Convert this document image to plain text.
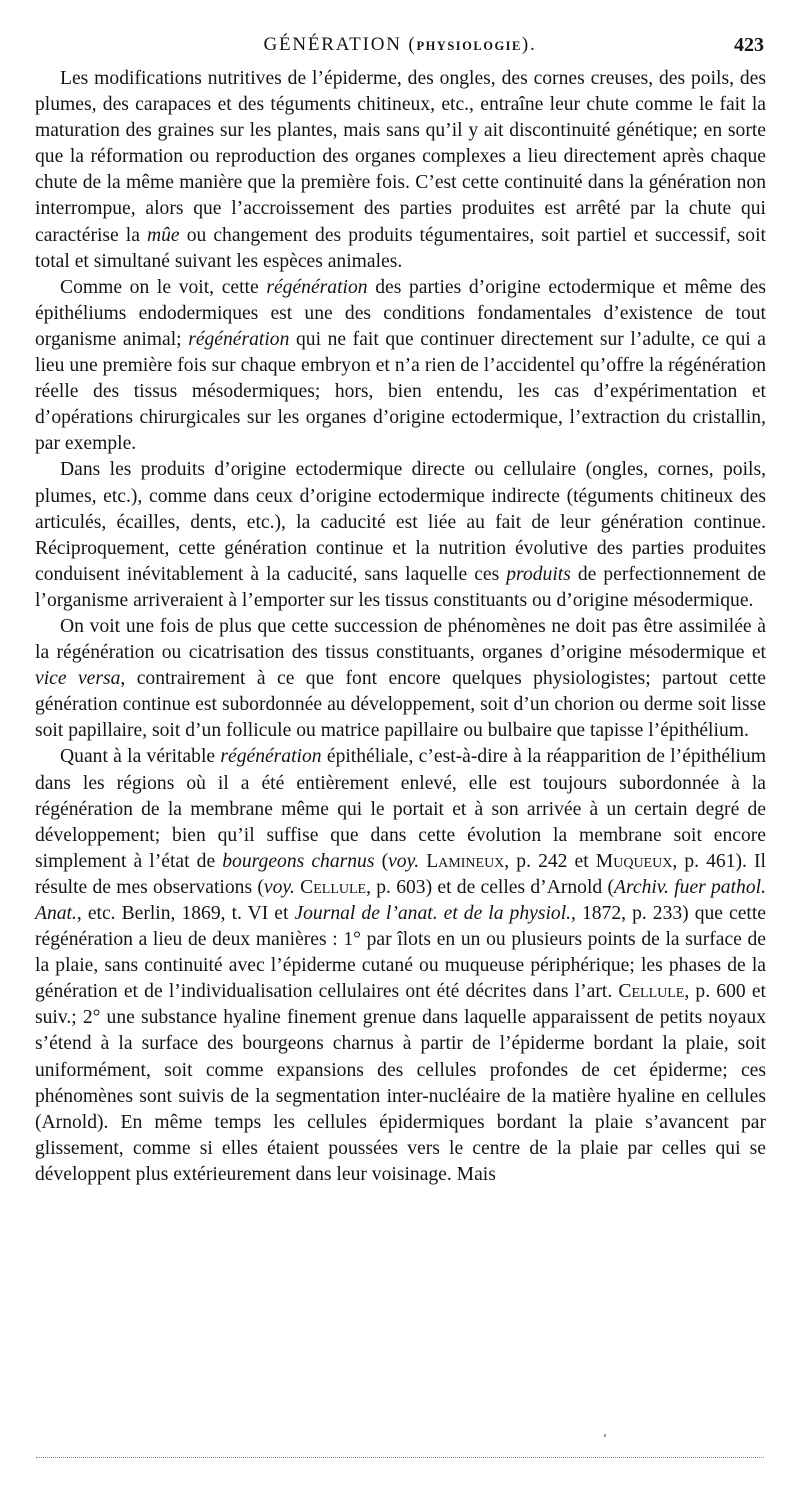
GÉNÉRATION (PHYSIOLOGIE).	423

Les modifications nutritives de l’épiderme, des ongles, des cornes creuses, des poils, des plumes, des carapaces et des téguments chitineux, etc., entraîne leur chute comme le fait la maturation des graines sur les plantes, mais sans qu’il y ait discontinuité génétique; en sorte que la réformation ou reproduction des organes complexes a lieu directement après chaque chute de la même manière que la première fois. C’est cette continuité dans la génération non interrompue, alors que l’accroissement des parties produites est arrêté par la chute qui caractérise la mûe ou changement des produits tégumentaires, soit partiel et successif, soit total et simultané suivant les espèces animales.

Comme on le voit, cette régénération des parties d’origine ectodermique et même des épithéliums endodermiques est une des conditions fondamentales d’existence de tout organisme animal; régénération qui ne fait que continuer directement sur l’adulte, ce qui a lieu une première fois sur chaque embryon et n’a rien de l’accidentel qu’offre la régénération réelle des tissus mésodermiques; hors, bien entendu, les cas d’expérimentation et d’opérations chirurgicales sur les organes d’origine ectodermique, l’extraction du cristallin, par exemple.

Dans les produits d’origine ectodermique directe ou cellulaire (ongles, cornes, poils, plumes, etc.), comme dans ceux d’origine ectodermique indirecte (téguments chitineux des articulés, écailles, dents, etc.), la caducité est liée au fait de leur génération continue. Réciproquement, cette génération continue et la nutrition évolutive des parties produites conduisent inévitablement à la caducité, sans laquelle ces produits de perfectionnement de l’organisme arriveraient à l’emporter sur les tissus constituants ou d’origine mésodermique.

On voit une fois de plus que cette succession de phénomènes ne doit pas être assimilée à la régénération ou cicatrisation des tissus constituants, organes d’origine mésodermique et vice versa, contrairement à ce que font encore quelques physiologistes; partout cette génération continue est subordonnée au développement, soit d’un chorion ou derme soit lisse soit papillaire, soit d’un follicule ou matrice papillaire ou bulbaire que tapisse l’épithélium.

Quant à la véritable régénération épithéliale, c’est-à-dire à la réapparition de l’épithélium dans les régions où il a été entièrement enlevé, elle est toujours subordonnée à la régénération de la membrane même qui le portait et à son arrivée à un certain degré de développement; bien qu’il suffise que dans cette évolution la membrane soit encore simplement à l’état de bourgeons charnus (voy. Lamineux, p. 242 et Muqueux, p. 461). Il résulte de mes observations (voy. Cellule, p. 603) et de celles d’Arnold (Archiv. fuer pathol. Anat., etc. Berlin, 1869, t. VI et Journal de l’anat. et de la physiol., 1872, p. 233) que cette régénération a lieu de deux manières : 1° par îlots en un ou plusieurs points de la surface de la plaie, sans continuité avec l’épiderme cutané ou muqueuse périphérique; les phases de la génération et de l’individualisation cellulaires ont été décrites dans l’art. Cellule, p. 600 et suiv.; 2° une substance hyaline finement grenue dans laquelle apparaissent de petits noyaux s’étend à la surface des bourgeons charnus à partir de l’épiderme bordant la plaie, soit uniformément, soit comme expansions des cellules profondes de cet épiderme; ces phénomènes sont suivis de la segmentation inter-nucléaire de la matière hyaline en cellules (Arnold). En même temps les cellules épidermiques bordant la plaie s’avancent par glissement, comme si elles étaient poussées vers le centre de la plaie par celles qui se développent plus extérieurement dans leur voisinage. Mais
